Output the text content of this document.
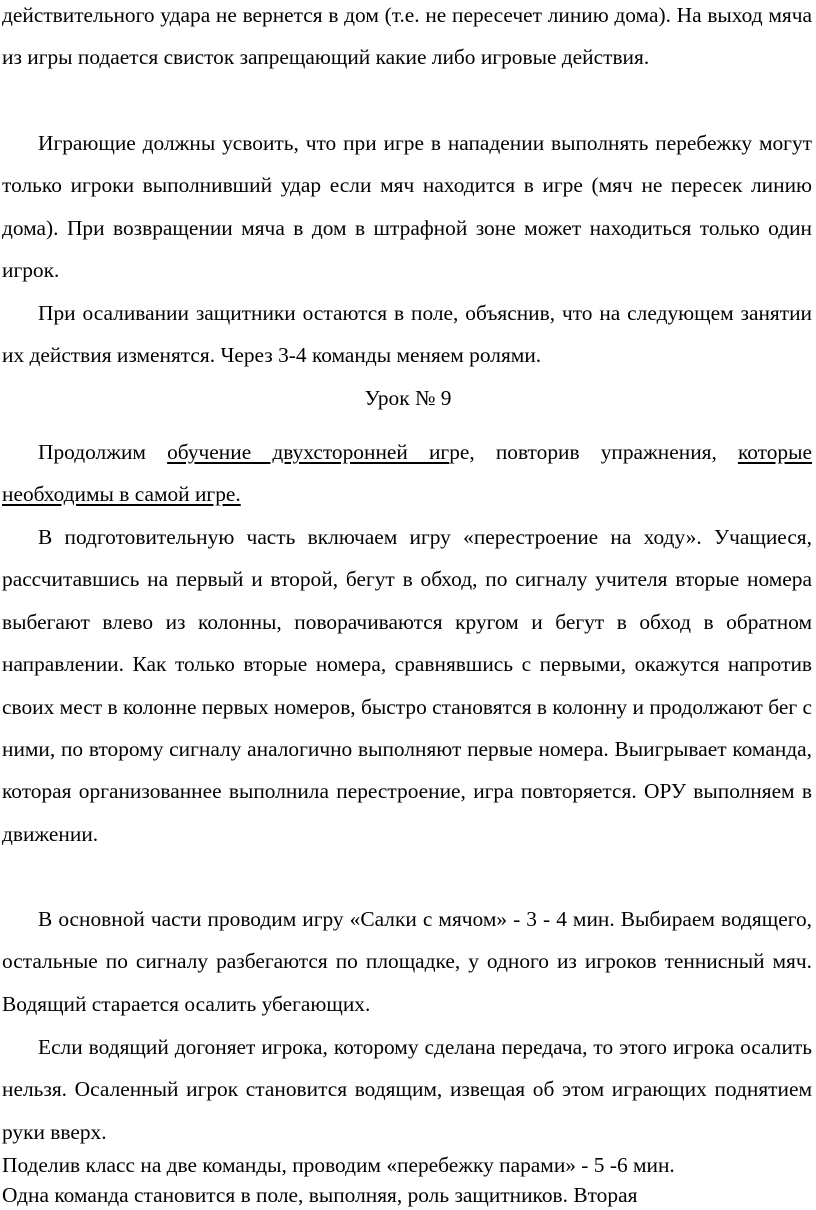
действительного удара не вернется в дом (т.е. не пересечет линию дома). На выход мяча из игры подается свисток запрещающий какие либо игровые действия.

Играющие должны усвоить, что при игре в нападении выполнять перебежку могут только игроки выполнивший удар если мяч находится в игре (мяч не пересек линию дома). При возвращении мяча в дом в штрафной зоне может находиться только один игрок.

При осаливании защитники остаются в поле, объяснив, что на следующем занятии их действия изменятся. Через 3-4 команды меняем ролями.

Урок № 9

Продолжим обучение двухсторонней игре, повторив упражнения, которые необходимы в самой игре.

В подготовительную часть включаем игру «перестроение на ходу». Учащиеся, рассчитавшись на первый и второй, бегут в обход, по сигналу учителя вторые номера выбегают влево из колонны, поворачиваются кругом и бегут в обход в обратном направлении. Как только вторые номера, сравнявшись с первыми, окажутся напротив своих мест в колонне первых номеров, быстро становятся в колонну и продолжают бег с ними, по второму сигналу аналогично выполняют первые номера. Выигрывает команда, которая организованнее выполнила перестроение, игра повторяется. ОРУ выполняем в движении.

В основной части проводим игру «Салки с мячом» - 3 - 4 мин. Выбираем водящего, остальные по сигналу разбегаются по площадке, у одного из игроков теннисный мяч. Водящий старается осалить убегающих.

Если водящий догоняет игрока, которому сделана передача, то этого игрока осалить нельзя. Осаленный игрок становится водящим, извещая об этом играющих поднятием руки вверх.

Поделив класс на две команды, проводим «перебежку парами» - 5 -6 мин.

Одна команда становится в поле, выполняя, роль защитников. Вторая
